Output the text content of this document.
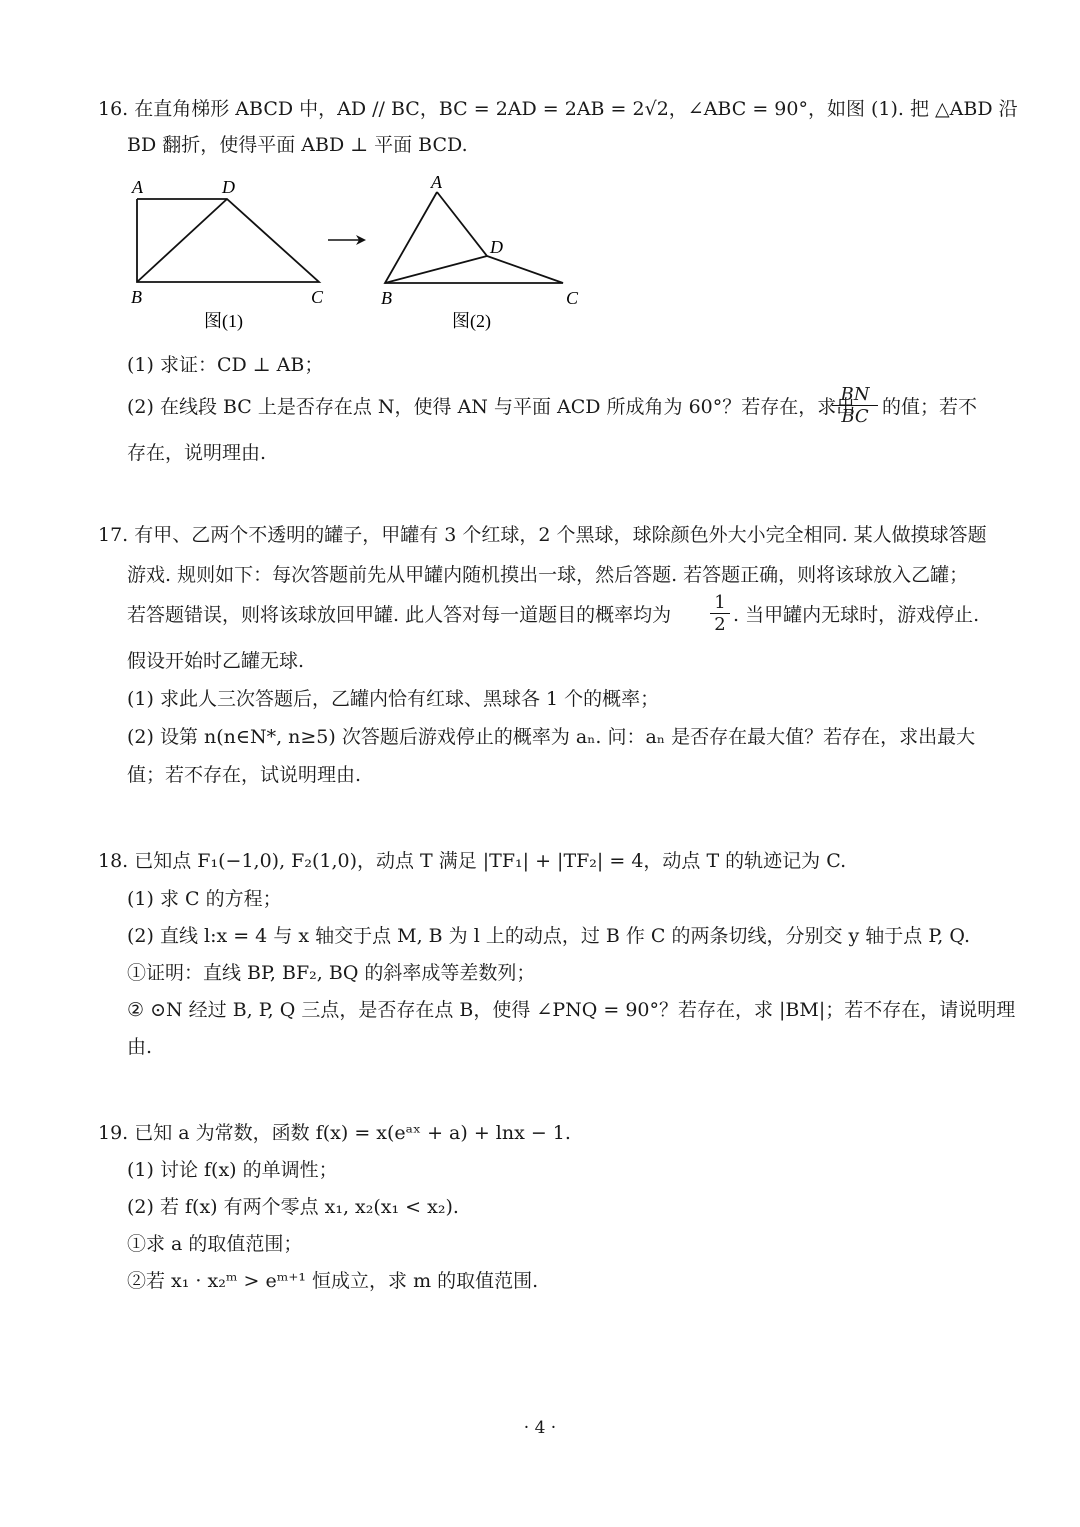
16. 在直角梯形 ABCD 中，AD // BC，BC = 2AD = 2AB = 2√2，∠ABC = 90°，如图 (1). 把 △ABD 沿
BD 翻折，使得平面 ABD ⊥ 平面 BCD.
A	D
B	C
图(1)
A
D
B	C
图(2)
(1) 求证：CD ⊥ AB；
(2) 在线段 BC 上是否存在点 N，使得 AN 与平面 ACD 所成角为 60°？若存在，求出
$\frac{BN}{BC}$ 的值；若不
存在，说明理由.
17. 有甲、乙两个不透明的罐子，甲罐有 3 个红球，2 个黑球，球除颜色外大小完全相同. 某人做摸球答题
游戏. 规则如下：每次答题前先从甲罐内随机摸出一球，然后答题. 若答题正确，则将该球放入乙罐；
若答题错误，则将该球放回甲罐. 此人答对每一道题目的概率均为 $\frac{1}{2}$ . 当甲罐内无球时，游戏停止.
假设开始时乙罐无球.
(1) 求此人三次答题后，乙罐内恰有红球、黑球各 1 个的概率；
(2) 设第 n(n∈N*, n≥5) 次答题后游戏停止的概率为 aₙ. 问：aₙ 是否存在最大值？若存在，求出最大
值；若不存在，试说明理由.
18. 已知点 F₁(−1,0), F₂(1,0)，动点 T 满足 |TF₁| + |TF₂| = 4，动点 T 的轨迹记为 C.
(1) 求 C 的方程；
(2) 直线 l:x = 4 与 x 轴交于点 M, B 为 l 上的动点，过 B 作 C 的两条切线，分别交 y 轴于点 P, Q.
①证明：直线 BP, BF₂, BQ 的斜率成等差数列；
② ⊙N 经过 B, P, Q 三点，是否存在点 B，使得 ∠PNQ = 90°？若存在，求 |BM|；若不存在，请说明理
由.
19. 已知 a 为常数，函数 f(x) = x(eᵃˣ + a) + lnx − 1.
(1) 讨论 f(x) 的单调性；
(2) 若 f(x) 有两个零点 x₁, x₂(x₁ < x₂).
①求 a 的取值范围；
②若 x₁ · x₂ᵐ > eᵐ⁺¹ 恒成立，求 m 的取值范围.
· 4 ·
